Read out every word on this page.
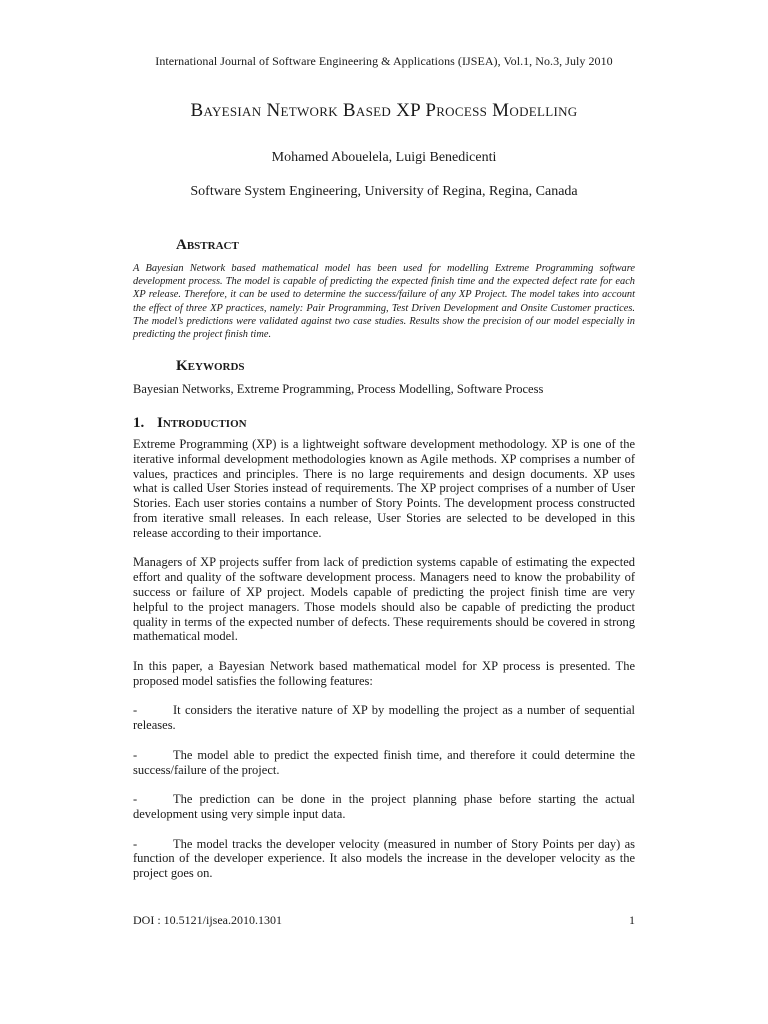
International Journal of Software Engineering & Applications (IJSEA), Vol.1, No.3, July 2010
Bayesian Network Based XP Process Modelling
Mohamed Abouelela, Luigi Benedicenti
Software System Engineering, University of Regina, Regina, Canada
Abstract
A Bayesian Network based mathematical model has been used for modelling Extreme Programming software development process. The model is capable of predicting the expected finish time and the expected defect rate for each XP release. Therefore, it can be used to determine the success/failure of any XP Project. The model takes into account the effect of three XP practices, namely: Pair Programming, Test Driven Development and Onsite Customer practices. The model’s predictions were validated against two case studies. Results show the precision of our model especially in predicting the project finish time.
Keywords
Bayesian Networks, Extreme Programming, Process Modelling, Software Process
1. Introduction

Extreme Programming (XP) is a lightweight software development methodology. XP is one of the iterative informal development methodologies known as Agile methods. XP comprises a number of values, practices and principles. There is no large requirements and design documents. XP uses what is called User Stories instead of requirements. The XP project comprises of a number of User Stories. Each user stories contains a number of Story Points. The development process constructed from iterative small releases. In each release, User Stories are selected to be developed in this release according to their importance.

Managers of XP projects suffer from lack of prediction systems capable of estimating the expected effort and quality of the software development process. Managers need to know the probability of success or failure of XP project. Models capable of predicting the project finish time are very helpful to the project managers. Those models should also be capable of predicting the product quality in terms of the expected number of defects. These requirements should be covered in strong mathematical model.

In this paper, a Bayesian Network based mathematical model for XP process is presented. The proposed model satisfies the following features:

-	It considers the iterative nature of XP by modelling the project as a number of sequential releases.

-	The model able to predict the expected finish time, and therefore it could determine the success/failure of the project.

-	The prediction can be done in the project planning phase before starting the actual development using very simple input data.

-	The model tracks the developer velocity (measured in number of Story Points per day) as function of the developer experience. It also models the increase in the developer velocity as the project goes on.

DOI : 10.5121/ijsea.2010.1301	1
